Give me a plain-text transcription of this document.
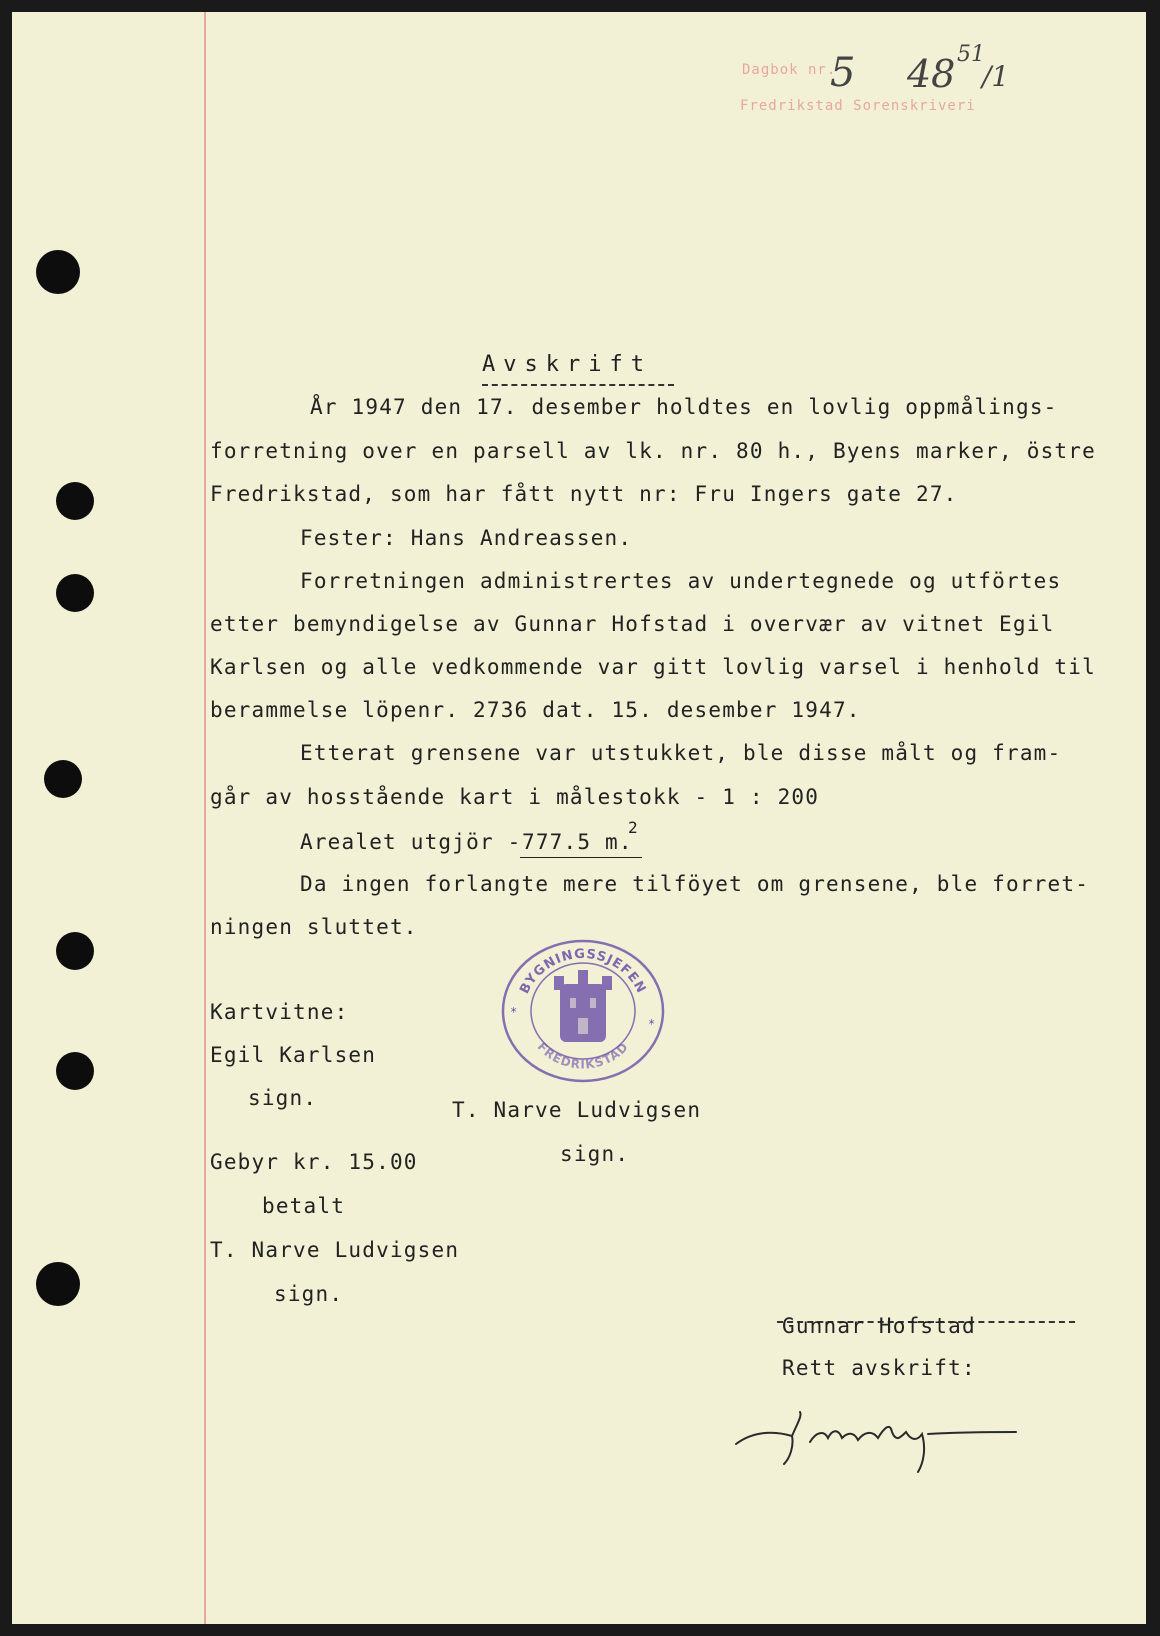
Dagbok nr.
Fredrikstad Sorenskriveri
5 48 51
/1
Avskrift
År 1947 den 17. desember holdtes en lovlig oppmålings-
forretning over en parsell av lk. nr. 80 h., Byens marker, östre
Fredrikstad, som har fått nytt nr: Fru Ingers gate 27.
Fester: Hans Andreassen.
Forretningen administrertes av undertegnede og utförtes
etter bemyndigelse av Gunnar Hofstad i overvær av vitnet Egil
Karlsen og alle vedkommende var gitt lovlig varsel i henhold til
berammelse löpenr. 2736 dat. 15. desember 1947.
Etterat grensene var utstukket, ble disse målt og fram-
går av hosstående kart i målestokk - 1 : 200
Arealet utgjör -
777.5 m.
2
Da ingen forlangte mere tilföyet om grensene, ble forret-
ningen sluttet.
BYGNINGSSJEFEN
FREDRIKSTAD
*
*
Kartvitne:
Egil Karlsen
sign.
Gebyr kr. 15.00
betalt
T. Narve Ludvigsen
sign.
T. Narve Ludvigsen
sign.
Gunnar Hofstad
Rett avskrift:
